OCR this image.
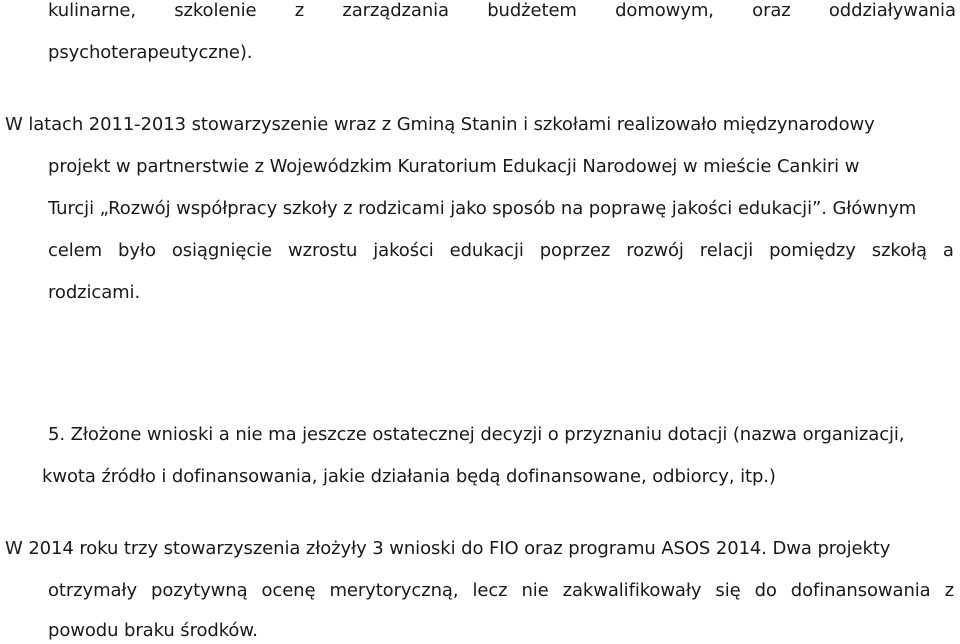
kulinarne, szkolenie z zarządzania budżetem domowym, oraz oddziaływania
psychoterapeutyczne).
W latach 2011-2013 stowarzyszenie wraz z Gminą Stanin i szkołami realizowało międzynarodowy
projekt w partnerstwie z Wojewódzkim Kuratorium Edukacji Narodowej w mieście Cankiri w
Turcji „Rozwój współpracy szkoły z rodzicami jako sposób na poprawę jakości edukacji”. Głównym
celem było osiągnięcie wzrostu jakości edukacji poprzez rozwój relacji pomiędzy szkołą a
rodzicami.
5. Złożone wnioski a nie ma jeszcze ostatecznej decyzji o przyznaniu dotacji (nazwa organizacji,
kwota źródło i dofinansowania, jakie działania będą dofinansowane, odbiorcy, itp.)
W 2014 roku trzy stowarzyszenia złożyły 3 wnioski do FIO oraz programu ASOS 2014. Dwa projekty
otrzymały pozytywną ocenę merytoryczną, lecz nie zakwalifikowały się do dofinansowania z
powodu braku środków.
